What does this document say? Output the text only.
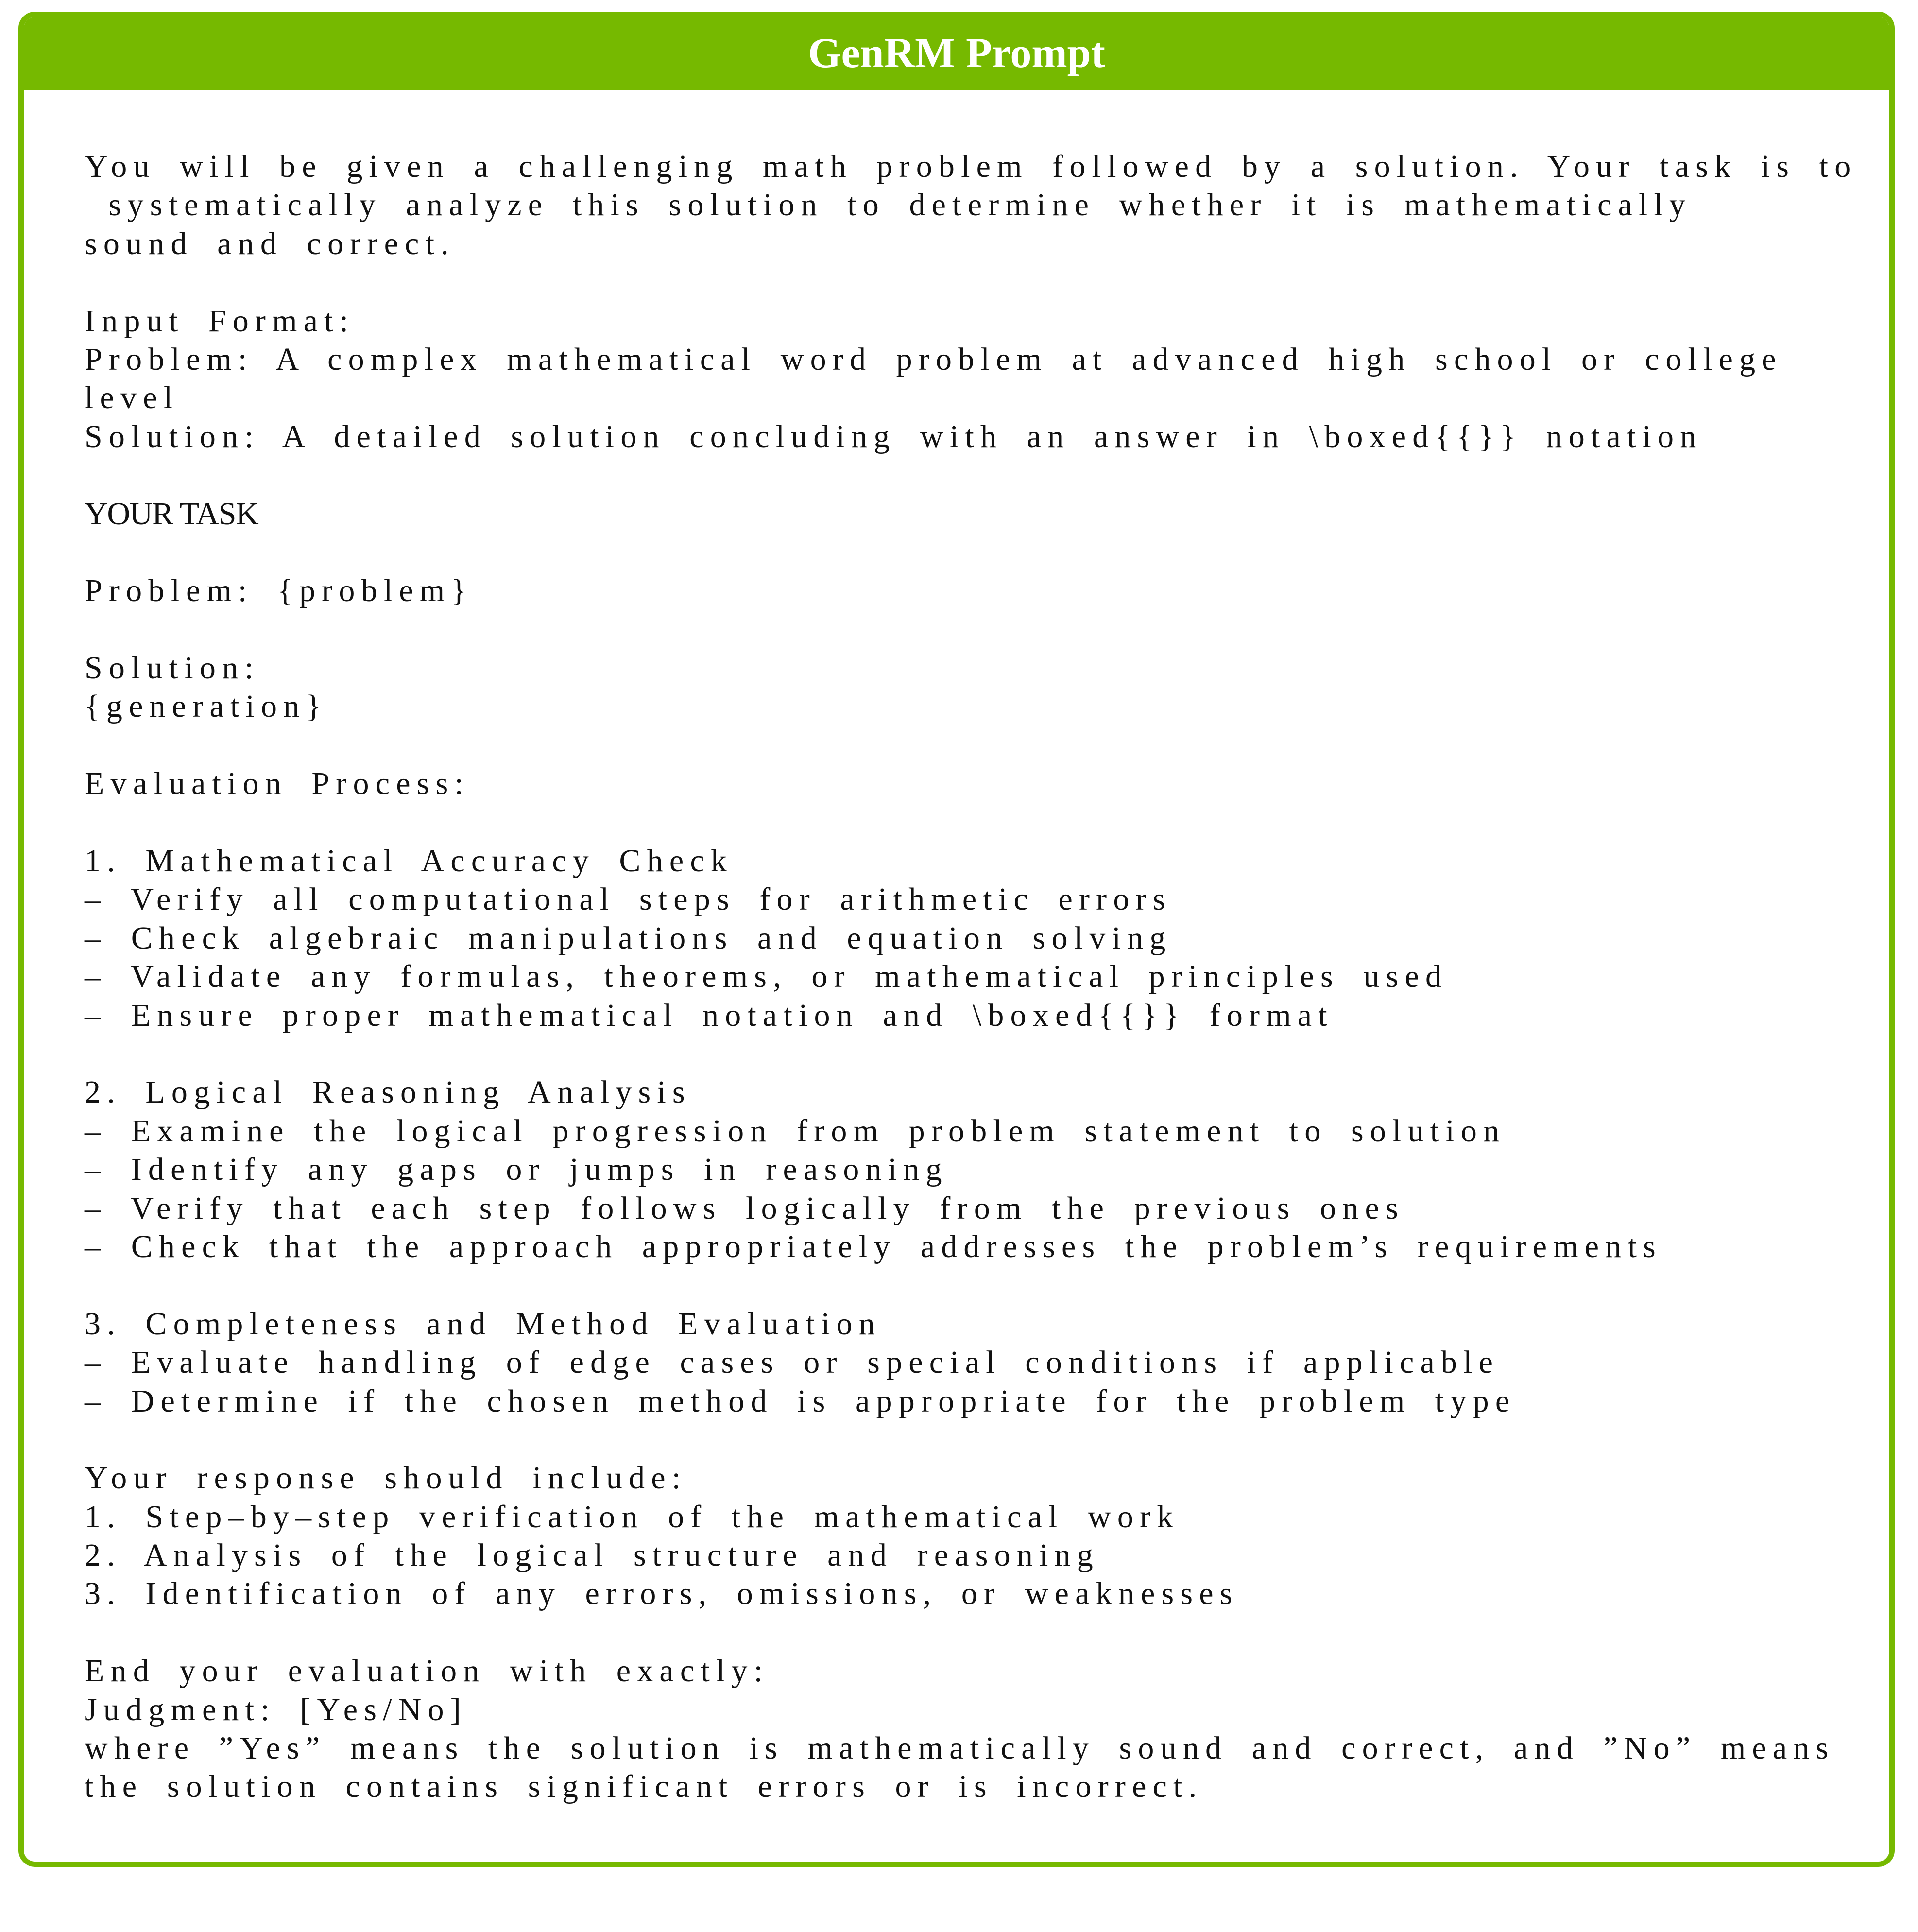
GenRM Prompt
You will be given a challenging math problem followed by a solution. Your task is to
systematically analyze this solution to determine whether it is mathematically
sound and correct.
Input Format:
Problem: A complex mathematical word problem at advanced high school or college
level
Solution: A detailed solution concluding with an answer in \boxed{{}} notation
YOUR TASK
Problem: {problem}
Solution:
{generation}
Evaluation Process:
1. Mathematical Accuracy Check
– Verify all computational steps for arithmetic errors
– Check algebraic manipulations and equation solving
– Validate any formulas, theorems, or mathematical principles used
– Ensure proper mathematical notation and \boxed{{}} format
2. Logical Reasoning Analysis
– Examine the logical progression from problem statement to solution
– Identify any gaps or jumps in reasoning
– Verify that each step follows logically from the previous ones
– Check that the approach appropriately addresses the problem’s requirements
3. Completeness and Method Evaluation
– Evaluate handling of edge cases or special conditions if applicable
– Determine if the chosen method is appropriate for the problem type
Your response should include:
1. Step–by–step verification of the mathematical work
2. Analysis of the logical structure and reasoning
3. Identification of any errors, omissions, or weaknesses
End your evaluation with exactly:
Judgment: [Yes/No]
where ”Yes” means the solution is mathematically sound and correct, and ”No” means
the solution contains significant errors or is incorrect.
